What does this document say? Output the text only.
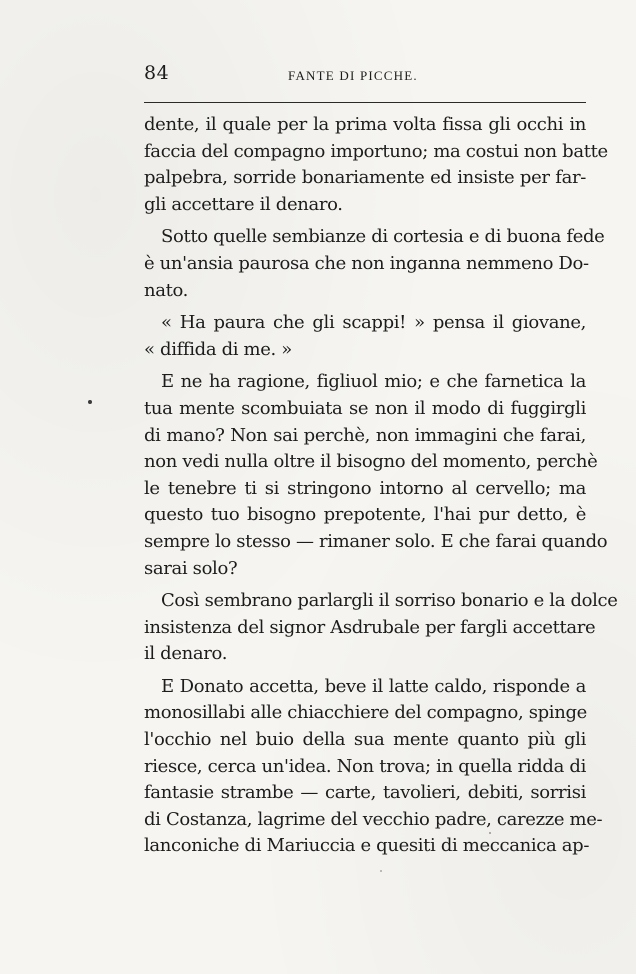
84	FANTE DI PICCHE.
dente, il quale per la prima volta fissa gli occhi in
faccia del compagno importuno; ma costui non batte
palpebra, sorride bonariamente ed insiste per far-
gli accettare il denaro.
Sotto quelle sembianze di cortesia e di buona fede
è un'ansia paurosa che non inganna nemmeno Do-
nato.
« Ha paura che gli scappi! » pensa il giovane,
« diffida di me. »
E ne ha ragione, figliuol mio; e che farnetica la
tua mente scombuiata se non il modo di fuggirgli
di mano? Non sai perchè, non immagini che farai,
non vedi nulla oltre il bisogno del momento, perchè
le tenebre ti si stringono intorno al cervello; ma
questo tuo bisogno prepotente, l'hai pur detto, è
sempre lo stesso — rimaner solo. E che farai quando
sarai solo?
Così sembrano parlargli il sorriso bonario e la dolce
insistenza del signor Asdrubale per fargli accettare
il denaro.
E Donato accetta, beve il latte caldo, risponde a
monosillabi alle chiacchiere del compagno, spinge
l'occhio nel buio della sua mente quanto più gli
riesce, cerca un'idea. Non trova; in quella ridda di
fantasie strambe — carte, tavolieri, debiti, sorrisi
di Costanza, lagrime del vecchio padre, carezze me-
lanconiche di Mariuccia e quesiti di meccanica ap-
